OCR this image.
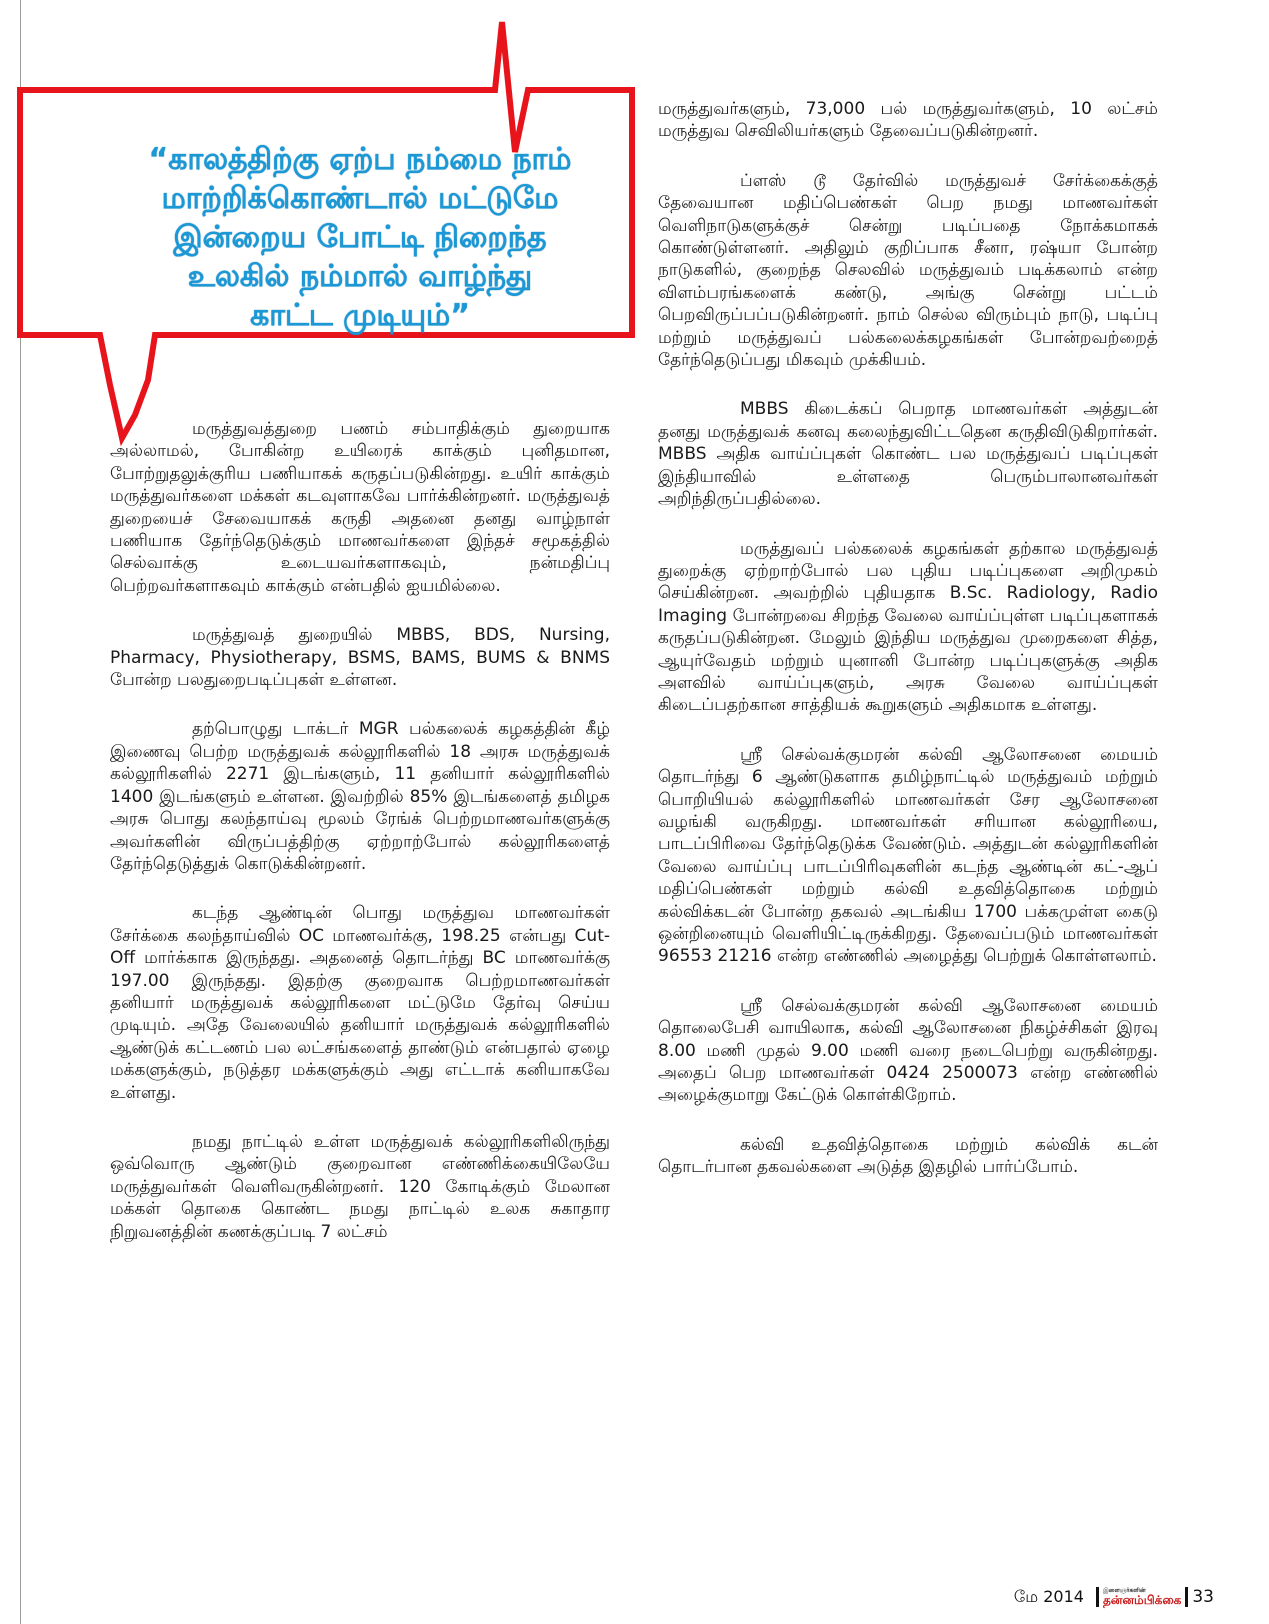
“காலத்திற்கு ஏற்ப நம்மை நாம்
மாற்றிக்கொண்டால் மட்டுமே
இன்றைய போட்டி நிறைந்த
உலகில் நம்மால் வாழ்ந்து
காட்ட முடியும்”

மருத்துவத்துறை பணம் சம்பாதிக்கும் துறையாக அல்லாமல், போகின்ற உயிரைக் காக்கும் புனிதமான, போற்றுதலுக்குரிய பணியாகக் கருதப்படுகின்றது. உயிர் காக்கும் மருத்துவர்களை மக்கள் கடவுளாகவே பார்க்கின்றனர். மருத்துவத் துறையைச் சேவையாகக் கருதி அதனை தனது வாழ்நாள் பணியாக தேர்ந்தெடுக்கும் மாணவர்களை இந்தச் சமூகத்தில் செல்வாக்கு உடையவர்களாகவும், நன்மதிப்பு பெற்றவர்களாகவும் காக்கும் என்பதில் ஐயமில்லை.

மருத்துவத் துறையில் MBBS, BDS, Nursing, Pharmacy, Physiotherapy, BSMS, BAMS, BUMS & BNMS போன்ற பலதுறைபடிப்புகள் உள்ளன.

தற்பொழுது டாக்டர் MGR பல்கலைக் கழகத்தின் கீழ் இணைவு பெற்ற மருத்துவக் கல்லூரிகளில் 18 அரசு மருத்துவக் கல்லூரிகளில் 2271 இடங்களும், 11 தனியார் கல்லூரிகளில் 1400 இடங்களும் உள்ளன. இவற்றில் 85% இடங்களைத் தமிழக அரசு பொது கலந்தாய்வு மூலம் ரேங்க் பெற்றமாணவர்களுக்கு அவர்களின் விருப்பத்திற்கு ஏற்றாற்போல் கல்லூரிகளைத் தேர்ந்தெடுத்துக் கொடுக்கின்றனர்.

கடந்த ஆண்டின் பொது மருத்துவ மாணவர்கள் சேர்க்கை கலந்தாய்வில் OC மாணவர்க்கு, 198.25 என்பது Cut-Off மார்க்காக இருந்தது. அதனைத் தொடர்ந்து BC மாணவர்க்கு 197.00 இருந்தது. இதற்கு குறைவாக பெற்றமாணவர்கள் தனியார் மருத்துவக் கல்லூரிகளை மட்டுமே தேர்வு செய்ய முடியும். அதே வேலையில் தனியார் மருத்துவக் கல்லூரிகளில் ஆண்டுக் கட்டணம் பல லட்சங்களைத் தாண்டும் என்பதால் ஏழை மக்களுக்கும், நடுத்தர மக்களுக்கும் அது எட்டாக் கனியாகவே உள்ளது.

நமது நாட்டில் உள்ள மருத்துவக் கல்லூரிகளிலிருந்து ஒவ்வொரு ஆண்டும் குறைவான எண்ணிக்கையிலேயே மருத்துவர்கள் வெளிவருகின்றனர். 120 கோடிக்கும் மேலான மக்கள் தொகை கொண்ட நமது நாட்டில் உலக சுகாதார நிறுவனத்தின் கணக்குப்படி 7 லட்சம்

மருத்துவர்களும், 73,000 பல் மருத்துவர்களும், 10 லட்சம் மருத்துவ செவிலியர்களும் தேவைப்படுகின்றனர்.

ப்ளஸ் டூ தேர்வில் மருத்துவச் சேர்க்கைக்குத் தேவையான மதிப்பெண்கள் பெற நமது மாணவர்கள் வெளிநாடுகளுக்குச் சென்று படிப்பதை நோக்கமாகக் கொண்டுள்ளனர். அதிலும் குறிப்பாக சீனா, ரஷ்யா போன்ற நாடுகளில், குறைந்த செலவில் மருத்துவம் படிக்கலாம் என்ற விளம்பரங்களைக் கண்டு, அங்கு சென்று பட்டம் பெறவிருப்பப்படுகின்றனர். நாம் செல்ல விரும்பும் நாடு, படிப்பு மற்றும் மருத்துவப் பல்கலைக்கழகங்கள் போன்றவற்றைத் தேர்ந்தெடுப்பது மிகவும் முக்கியம்.

MBBS கிடைக்கப் பெறாத மாணவர்கள் அத்துடன் தனது மருத்துவக் கனவு கலைந்துவிட்டதென கருதிவிடுகிறார்கள். MBBS அதிக வாய்ப்புகள் கொண்ட பல மருத்துவப் படிப்புகள் இந்தியாவில் உள்ளதை பெரும்பாலானவர்கள் அறிந்திருப்பதில்லை.

மருத்துவப் பல்கலைக் கழகங்கள் தற்கால மருத்துவத் துறைக்கு ஏற்றாற்போல் பல புதிய படிப்புகளை அறிமுகம் செய்கின்றன. அவற்றில் புதியதாக B.Sc. Radiology, Radio Imaging போன்றவை சிறந்த வேலை வாய்ப்புள்ள படிப்புகளாகக் கருதப்படுகின்றன. மேலும் இந்திய மருத்துவ முறைகளை சித்த, ஆயுர்வேதம் மற்றும் யுனானி போன்ற படிப்புகளுக்கு அதிக அளவில் வாய்ப்புகளும், அரசு வேலை வாய்ப்புகள் கிடைப்பதற்கான சாத்தியக் கூறுகளும் அதிகமாக உள்ளது.

ஸ்ரீ செல்வக்குமரன் கல்வி ஆலோசனை மையம் தொடர்ந்து 6 ஆண்டுகளாக தமிழ்நாட்டில் மருத்துவம் மற்றும் பொறியியல் கல்லூரிகளில் மாணவர்கள் சேர ஆலோசனை வழங்கி வருகிறது. மாணவர்கள் சரியான கல்லூரியை, பாடப்பிரிவை தேர்ந்தெடுக்க வேண்டும். அத்துடன் கல்லூரிகளின் வேலை வாய்ப்பு பாடப்பிரிவுகளின் கடந்த ஆண்டின் கட்-ஆப் மதிப்பெண்கள் மற்றும் கல்வி உதவித்தொகை மற்றும் கல்விக்கடன் போன்ற தகவல் அடங்கிய 1700 பக்கமுள்ள கைடு ஒன்றினையும் வெளியிட்டிருக்கிறது. தேவைப்படும் மாணவர்கள் 96553 21216 என்ற எண்ணில் அழைத்து பெற்றுக் கொள்ளலாம்.

ஸ்ரீ செல்வக்குமரன் கல்வி ஆலோசனை மையம் தொலைபேசி வாயிலாக, கல்வி ஆலோசனை நிகழ்ச்சிகள் இரவு 8.00 மணி முதல் 9.00 மணி வரை நடைபெற்று வருகின்றது. அதைப் பெற மாணவர்கள் 0424 2500073 என்ற எண்ணில் அழைக்குமாறு கேட்டுக் கொள்கிறோம்.

கல்வி உதவித்தொகை மற்றும் கல்விக் கடன் தொடர்பான தகவல்களை அடுத்த இதழில் பார்ப்போம்.

மே 2014	இளைஞர்களின்
தன்னம்பிக்கை 33
